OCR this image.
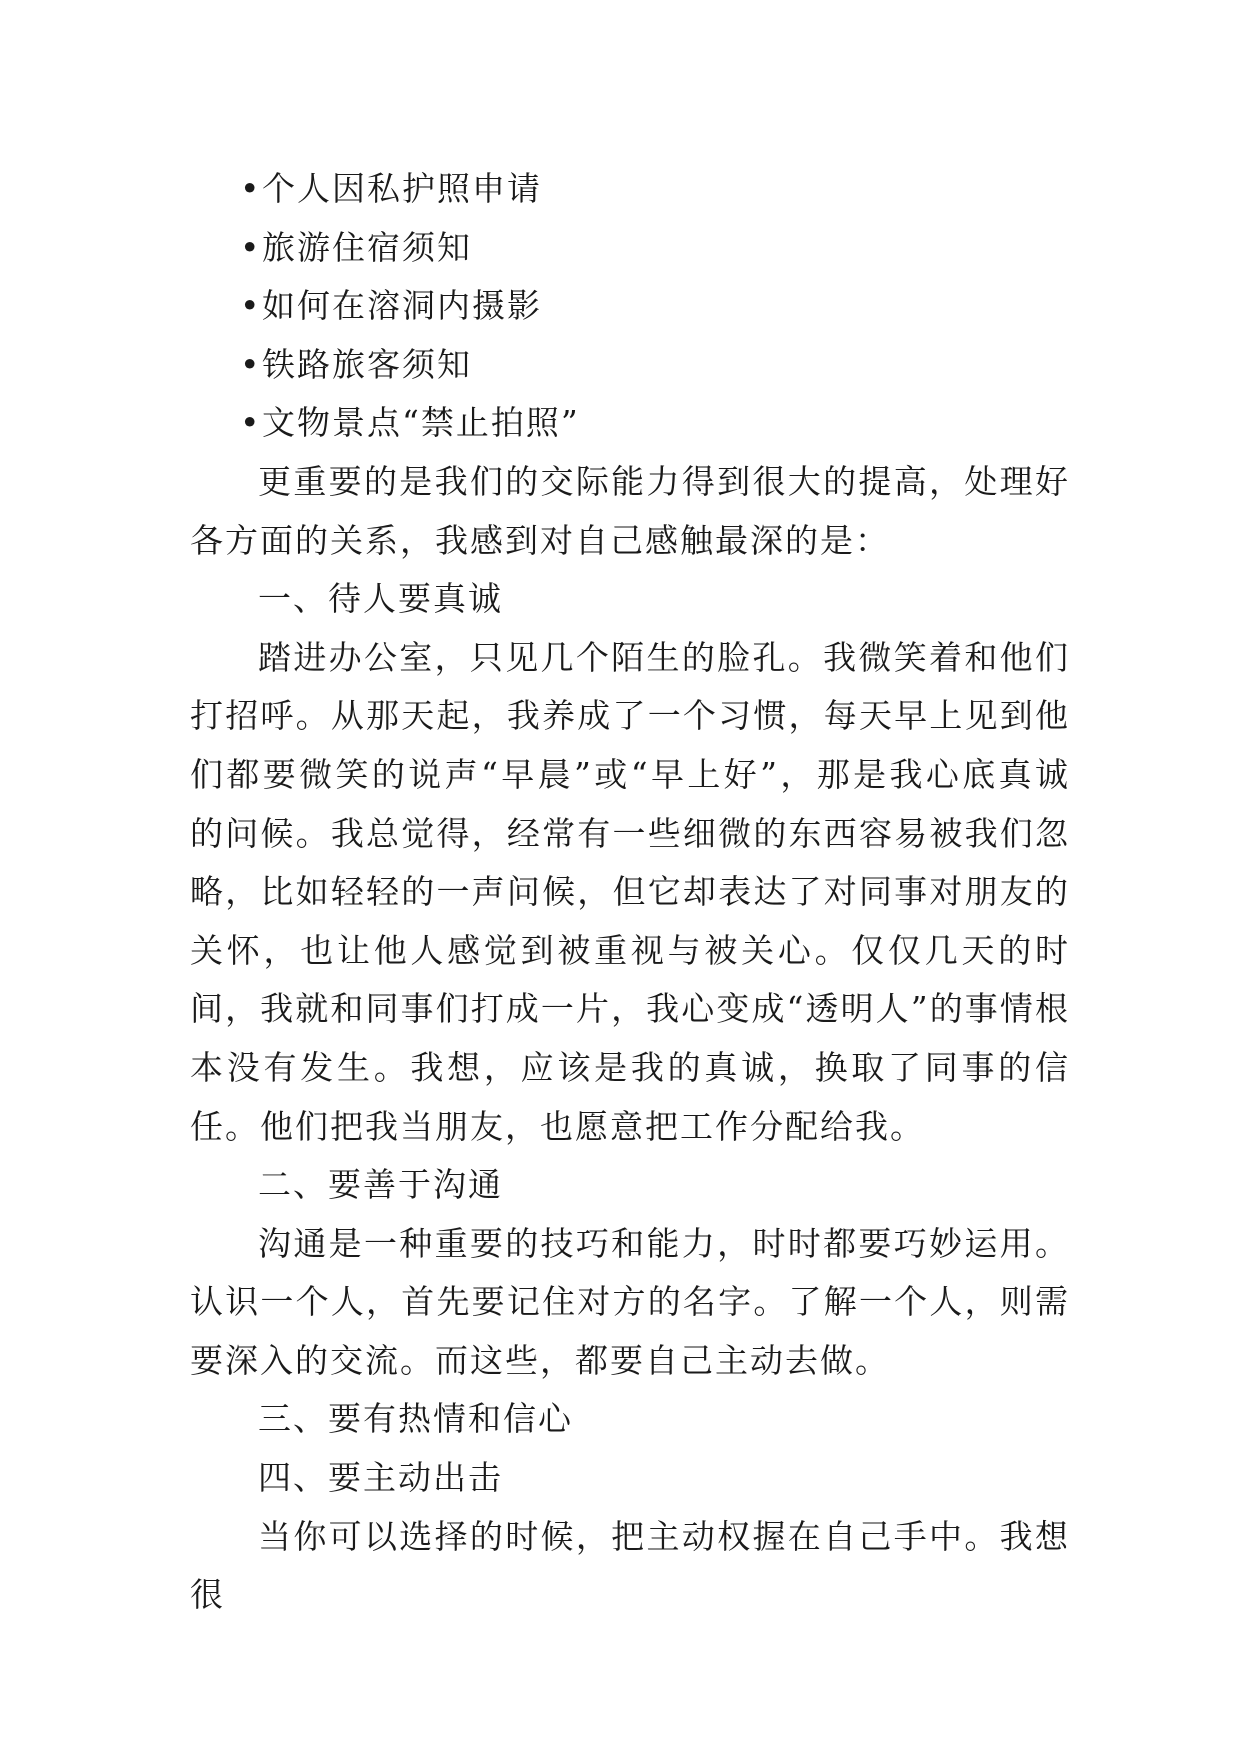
• 个人因私护照申请
• 旅游住宿须知
• 如何在溶洞内摄影
• 铁路旅客须知
• 文物景点“禁止拍照”

更重要的是我们的交际能力得到很大的提高，处理好各方面的关系，我感到对自己感触最深的是：

一、待人要真诚

踏进办公室，只见几个陌生的脸孔。我微笑着和他们打招呼。从那天起，我养成了一个习惯，每天早上见到他们都要微笑的说声“早晨”或“早上好”，那是我心底真诚的问候。我总觉得，经常有一些细微的东西容易被我们忽略，比如轻轻的一声问候，但它却表达了对同事对朋友的关怀，也让他人感觉到被重视与被关心。仅仅几天的时间，我就和同事们打成一片，我心变成“透明人”的事情根本没有发生。我想，应该是我的真诚，换取了同事的信任。他们把我当朋友，也愿意把工作分配给我。

二、要善于沟通

沟通是一种重要的技巧和能力，时时都要巧妙运用。认识一个人，首先要记住对方的名字。了解一个人，则需要深入的交流。而这些，都要自己主动去做。

三、要有热情和信心

四、要主动出击

当你可以选择的时候，把主动权握在自己手中。我想很
